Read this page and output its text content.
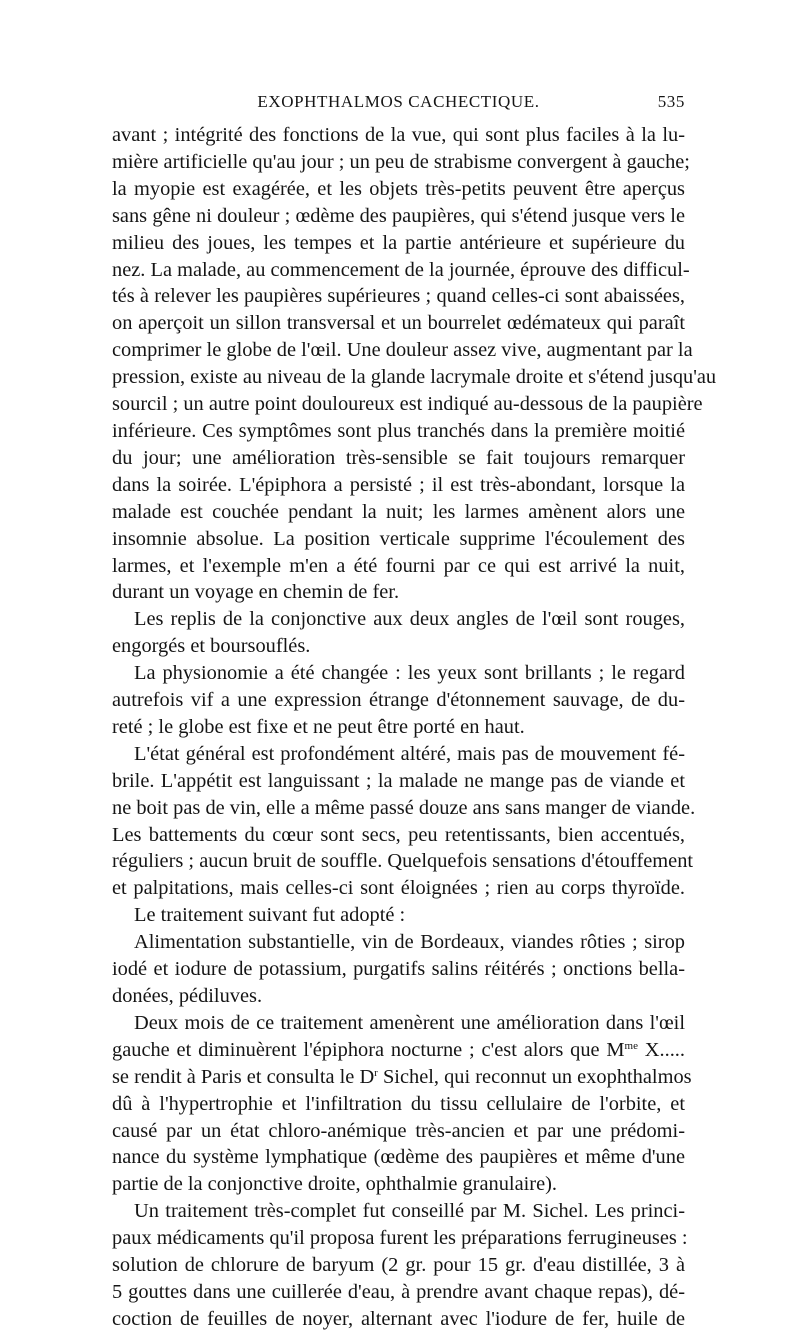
EXOPHTHALMOS CACHECTIQUE.	535
avant ; intégrité des fonctions de la vue, qui sont plus faciles à la lu-
mière artificielle qu'au jour ; un peu de strabisme convergent à gauche;
la myopie est exagérée, et les objets très-petits peuvent être aperçus
sans gêne ni douleur ; œdème des paupières, qui s'étend jusque vers le
milieu des joues, les tempes et la partie antérieure et supérieure du
nez. La malade, au commencement de la journée, éprouve des difficul-
tés à relever les paupières supérieures ; quand celles-ci sont abaissées,
on aperçoit un sillon transversal et un bourrelet œdémateux qui paraît
comprimer le globe de l'œil. Une douleur assez vive, augmentant par la
pression, existe au niveau de la glande lacrymale droite et s'étend jusqu'au
sourcil ; un autre point douloureux est indiqué au-dessous de la paupière
inférieure. Ces symptômes sont plus tranchés dans la première moitié
du jour; une amélioration très-sensible se fait toujours remarquer
dans la soirée. L'épiphora a persisté ; il est très-abondant, lorsque la
malade est couchée pendant la nuit; les larmes amènent alors une
insomnie absolue. La position verticale supprime l'écoulement des
larmes, et l'exemple m'en a été fourni par ce qui est arrivé la nuit,
durant un voyage en chemin de fer.
Les replis de la conjonctive aux deux angles de l'œil sont rouges,
engorgés et boursouflés.
La physionomie a été changée : les yeux sont brillants ; le regard
autrefois vif a une expression étrange d'étonnement sauvage, de du-
reté ; le globe est fixe et ne peut être porté en haut.
L'état général est profondément altéré, mais pas de mouvement fé-
brile. L'appétit est languissant ; la malade ne mange pas de viande et
ne boit pas de vin, elle a même passé douze ans sans manger de viande.
Les battements du cœur sont secs, peu retentissants, bien accentués,
réguliers ; aucun bruit de souffle. Quelquefois sensations d'étouffement
et palpitations, mais celles-ci sont éloignées ; rien au corps thyroïde.
Le traitement suivant fut adopté :
Alimentation substantielle, vin de Bordeaux, viandes rôties ; sirop
iodé et iodure de potassium, purgatifs salins réitérés ; onctions bella-
donées, pédiluves.
Deux mois de ce traitement amenèrent une amélioration dans l'œil
gauche et diminuèrent l'épiphora nocturne ; c'est alors que $M^{me}$ X.....
se rendit à Paris et consulta le $D^r$ Sichel, qui reconnut un exophthalmos
dû à l'hypertrophie et l'infiltration du tissu cellulaire de l'orbite, et
causé par un état chloro-anémique très-ancien et par une prédomi-
nance du système lymphatique (œdème des paupières et même d'une
partie de la conjonctive droite, ophthalmie granulaire).
Un traitement très-complet fut conseillé par M. Sichel. Les princi-
paux médicaments qu'il proposa furent les préparations ferrugineuses :
solution de chlorure de baryum (2 gr. pour 15 gr. d'eau distillée, 3 à
5 gouttes dans une cuillerée d'eau, à prendre avant chaque repas), dé-
coction de feuilles de noyer, alternant avec l'iodure de fer, huile de
